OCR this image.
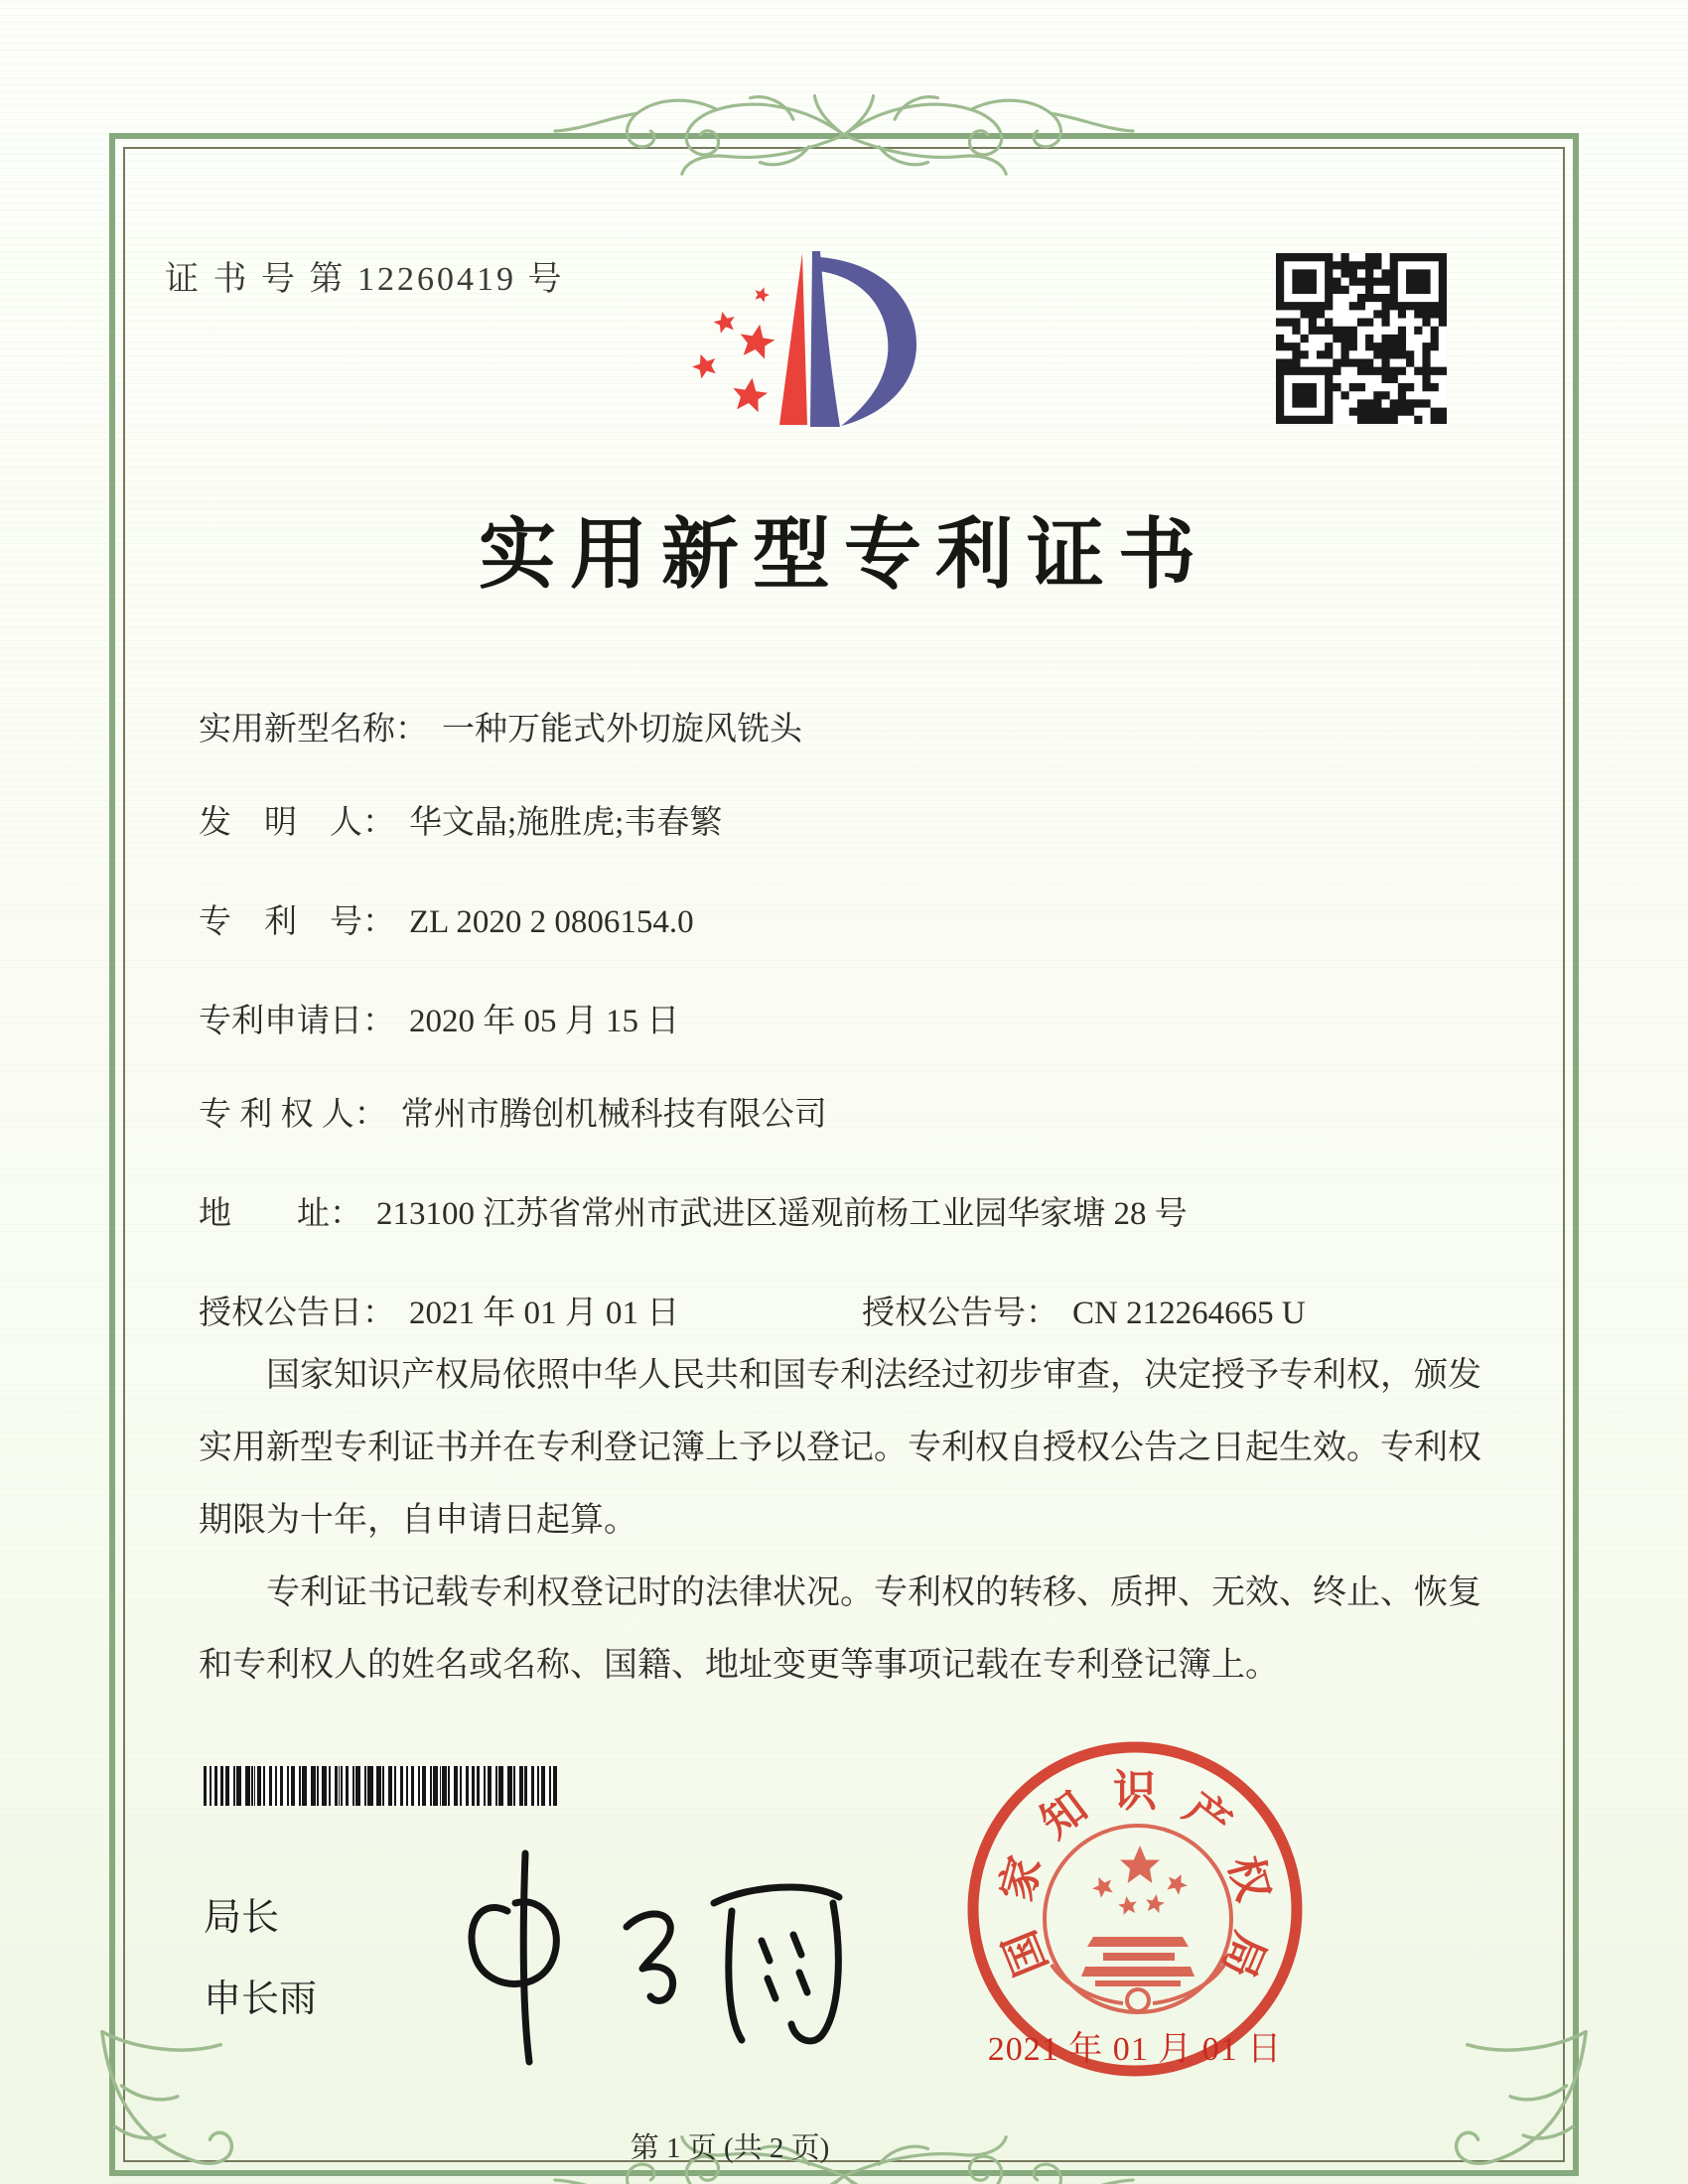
证 书 号 第 12260419 号
实用新型专利证书
实用新型名称： 一种万能式外切旋风铣头
发　明　人： 华文晶;施胜虎;韦春繁
专　利　号： ZL 2020 2 0806154.0
专利申请日： 2020 年 05 月 15 日
专 利 权 人： 常州市腾创机械科技有限公司
地　　址： 213100 江苏省常州市武进区遥观前杨工业园华家塘 28 号
授权公告日： 2021 年 01 月 01 日	授权公告号： CN 212264665 U

国家知识产权局依照中华人民共和国专利法经过初步审查，决定授予专利权，颁发实用新型专利证书并在专利登记簿上予以登记。专利权自授权公告之日起生效。专利权期限为十年，自申请日起算。

专利证书记载专利权登记时的法律状况。专利权的转移、质押、无效、终止、恢复和专利权人的姓名或名称、国籍、地址变更等事项记载在专利登记簿上。

局长
申长雨
国
家
知 识 产
权
局
2021 年 01 月 01 日
第 1 页 (共 2 页)
